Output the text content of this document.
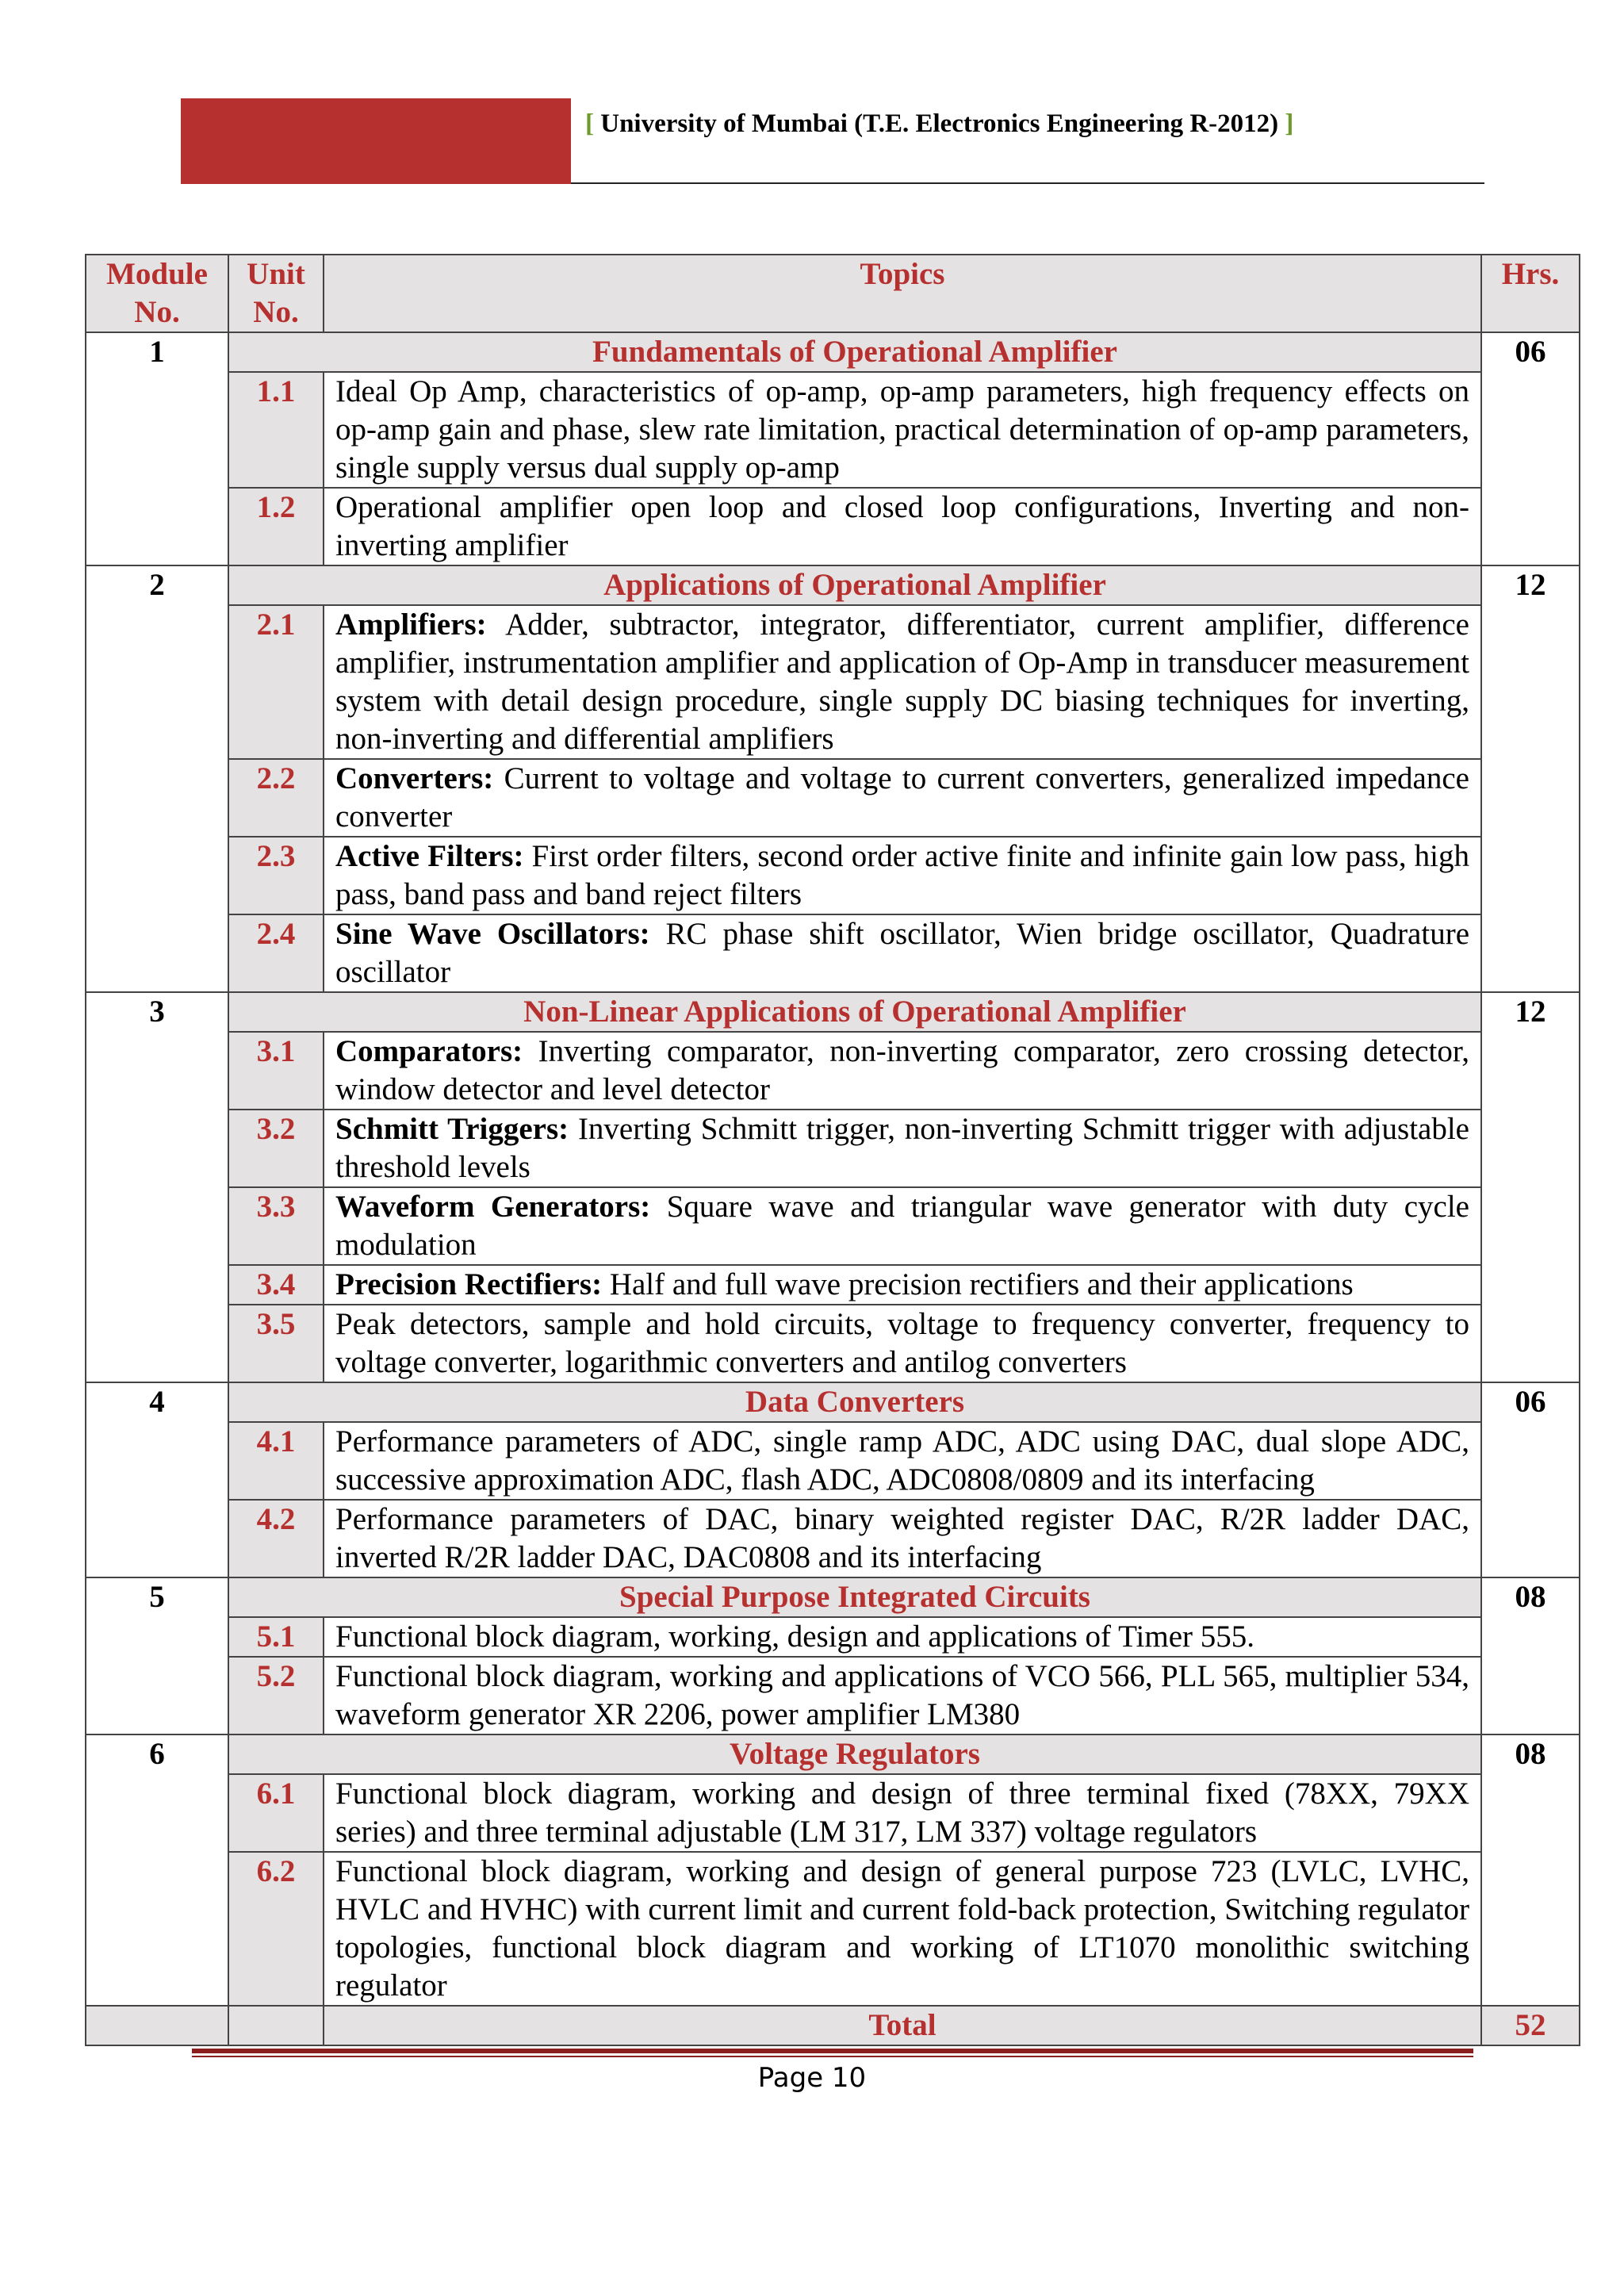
[ University of Mumbai (T.E. Electronics Engineering R-2012) ]
Module No.	Unit No.	Topics	Hrs.
1	Fundamentals of Operational Amplifier		06
	1.1	Ideal Op Amp, characteristics of op-amp, op-amp parameters, high frequency effects on op-amp gain and phase, slew rate limitation, practical determination of op-amp parameters, single supply versus dual supply op-amp	
	1.2	Operational amplifier open loop and closed loop configurations, Inverting and non-inverting amplifier	
2	Applications of Operational Amplifier		12
	2.1	Amplifiers: Adder, subtractor, integrator, differentiator, current amplifier, difference amplifier, instrumentation amplifier and application of Op-Amp in transducer measurement system with detail design procedure, single supply DC biasing techniques for inverting, non-inverting and differential amplifiers	
	2.2	Converters: Current to voltage and voltage to current converters, generalized impedance converter	
	2.3	Active Filters: First order filters, second order active finite and infinite gain low pass, high pass, band pass and band reject filters	
	2.4	Sine Wave Oscillators: RC phase shift oscillator, Wien bridge oscillator, Quadrature oscillator	
3	Non-Linear Applications of Operational Amplifier		12
	3.1	Comparators: Inverting comparator, non-inverting comparator, zero crossing detector, window detector and level detector	
	3.2	Schmitt Triggers: Inverting Schmitt trigger, non-inverting Schmitt trigger with adjustable threshold levels	
	3.3	Waveform Generators: Square wave and triangular wave generator with duty cycle modulation	
	3.4	Precision Rectifiers: Half and full wave precision rectifiers and their applications	
	3.5	Peak detectors, sample and hold circuits, voltage to frequency converter, frequency to voltage converter, logarithmic converters and antilog converters	
4	Data Converters		06
	4.1	Performance parameters of ADC, single ramp ADC, ADC using DAC, dual slope ADC, successive approximation ADC, flash ADC, ADC0808/0809 and its interfacing	
	4.2	Performance parameters of DAC, binary weighted register DAC, R/2R ladder DAC, inverted R/2R ladder DAC, DAC0808 and its interfacing	
5	Special Purpose Integrated Circuits		08
	5.1	Functional block diagram, working, design and applications of Timer 555.	
	5.2	Functional block diagram, working and applications of VCO 566, PLL 565, multiplier 534, waveform generator XR 2206, power amplifier LM380	
6	Voltage Regulators		08
	6.1	Functional block diagram, working and design of three terminal fixed (78XX, 79XX series) and three terminal adjustable (LM 317, LM 337) voltage regulators	
	6.2	Functional block diagram, working and design of general purpose 723 (LVLC, LVHC, HVLC and HVHC) with current limit and current fold-back protection, Switching regulator topologies, functional block diagram and working of LT1070 monolithic switching regulator	
		Total	52
Page 10
